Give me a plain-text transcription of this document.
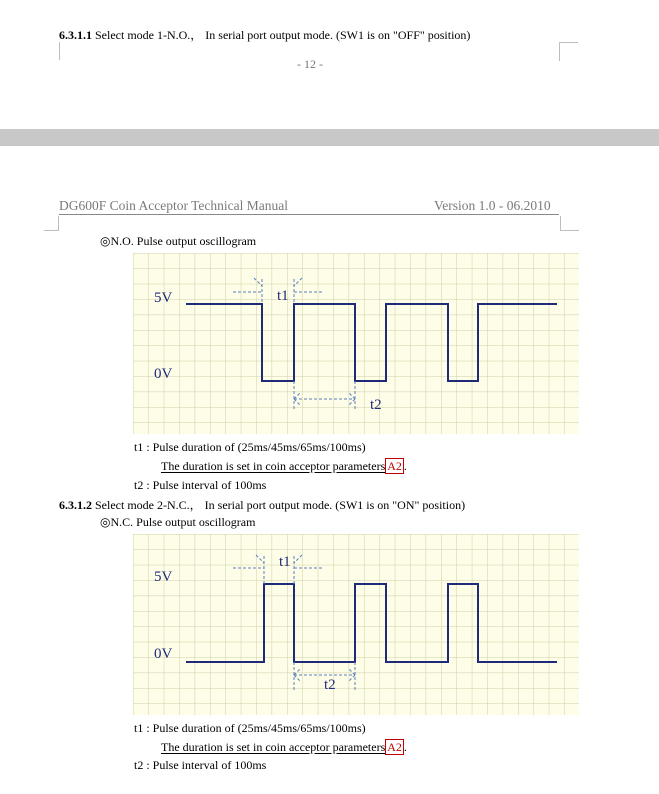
6.3.1.1 Select mode 1-N.O.， In serial port output mode. (SW1 is on "OFF" position)
- 12 -
DG600F Coin Acceptor Technical Manual	Version 1.0 - 06.2010
◎N.O. Pulse output oscillogram
5V
0V
t1
t2
t1 : Pulse duration of (25ms/45ms/65ms/100ms)
The duration is set in coin acceptor parameters A2 .
t2 : Pulse interval of 100ms
6.3.1.2 Select mode 2-N.C.， In serial port output mode. (SW1 is on "ON" position)
◎N.C. Pulse output oscillogram
5V
0V
t1
t2
t1 : Pulse duration of (25ms/45ms/65ms/100ms)
The duration is set in coin acceptor parameters A2 .
t2 : Pulse interval of 100ms
